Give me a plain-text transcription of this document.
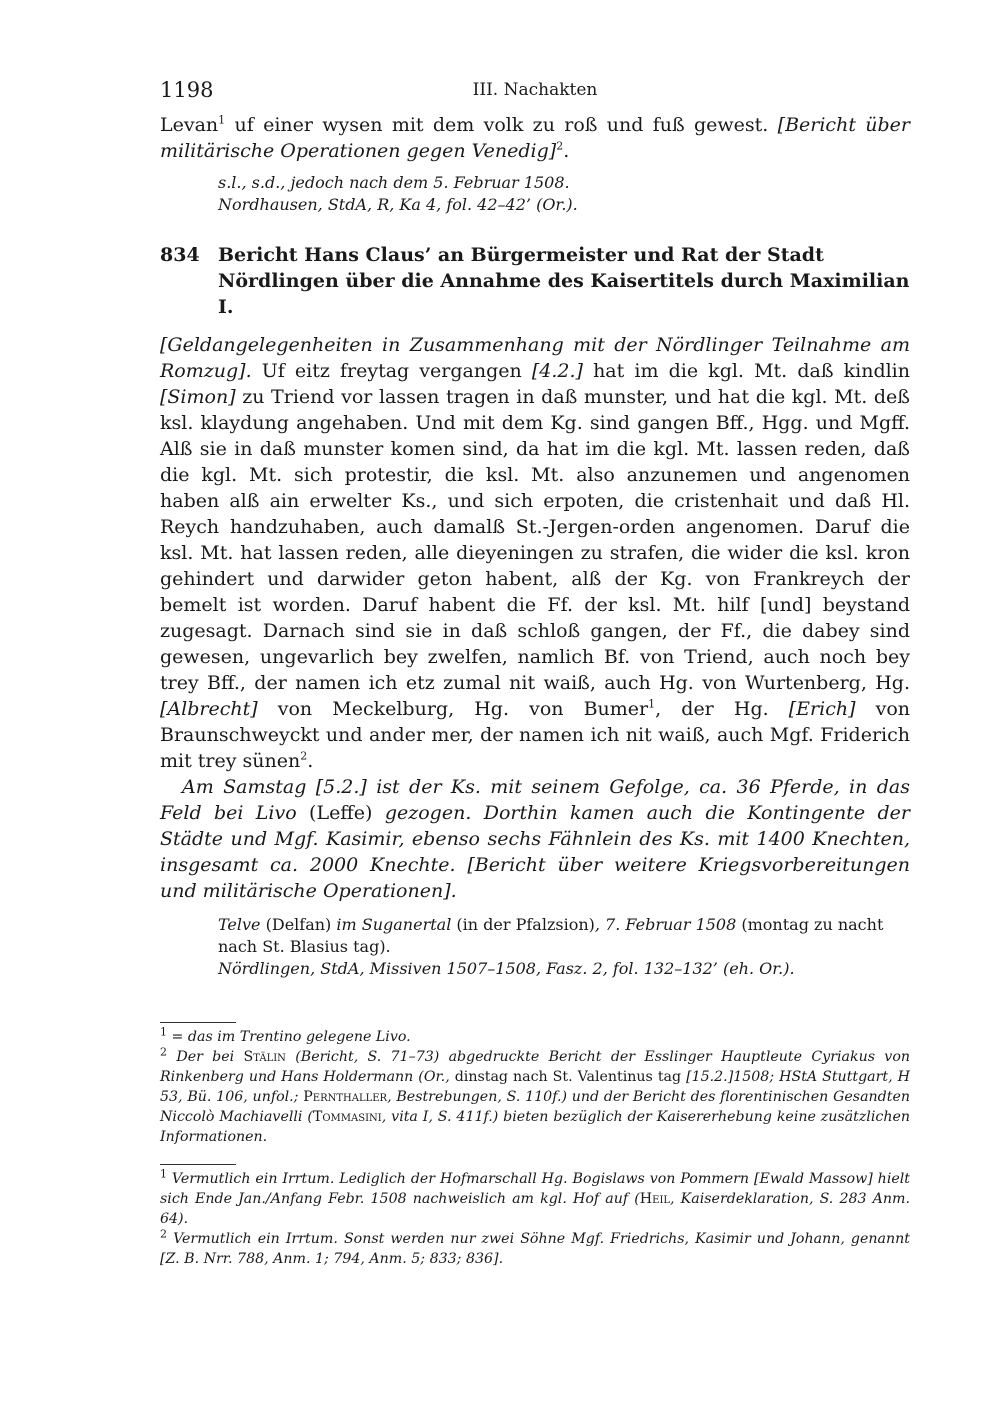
1198	III. Nachakten

Levan$^1$ uf einer wysen mit dem volk zu roß und fuß gewest. [Bericht über militärische Operationen gegen Venedig]$^2$.

s.l., s.d., jedoch nach dem 5. Februar 1508.
Nordhausen, StdA, R, Ka 4, fol. 42–42’ (Or.).
834 Bericht Hans Claus’ an Bürgermeister und Rat der Stadt Nördlingen über die Annahme des Kaisertitels durch Maximilian I.

[Geldangelegenheiten in Zusammenhang mit der Nördlinger Teilnahme am Romzug]. Uf eitz freytag vergangen [4.2.] hat im die kgl. Mt. daß kindlin [Simon] zu Triend vor lassen tragen in daß munster, und hat die kgl. Mt. deß ksl. klaydung angehaben. Und mit dem Kg. sind gangen Bff., Hgg. und Mgff. Alß sie in daß munster komen sind, da hat im die kgl. Mt. lassen reden, daß die kgl. Mt. sich protestir, die ksl. Mt. also anzunemen und angenomen haben alß ain erwelter Ks., und sich erpoten, die cristenhait und daß Hl. Reych handzuhaben, auch damalß St.-Jergen-orden angenomen. Daruf die ksl. Mt. hat lassen reden, alle dieyeningen zu strafen, die wider die ksl. kron gehindert und darwider geton habent, alß der Kg. von Frankreych der bemelt ist worden. Daruf habent die Ff. der ksl. Mt. hilf [und] beystand zugesagt. Darnach sind sie in daß schloß gangen, der Ff., die dabey sind gewesen, ungevarlich bey zwelfen, namlich Bf. von Triend, auch noch bey trey Bff., der namen ich etz zumal nit waiß, auch Hg. von Wurtenberg, Hg. [Albrecht] von Meckelburg, Hg. von Bumer$^1$, der Hg. [Erich] von Braunschweyckt und ander mer, der namen ich nit waiß, auch Mgf. Friderich mit trey sünen$^2$.

Am Samstag [5.2.] ist der Ks. mit seinem Gefolge, ca. 36 Pferde, in das Feld bei Livo (Leffe) gezogen. Dorthin kamen auch die Kontingente der Städte und Mgf. Kasimir, ebenso sechs Fähnlein des Ks. mit 1400 Knechten, insgesamt ca. 2000 Knechte. [Bericht über weitere Kriegsvorbereitungen und militärische Operationen].

Telve (Delfan) im Suganertal (in der Pfalzsion), 7. Februar 1508 (montag zu nacht nach St. Blasius tag).
Nördlingen, StdA, Missiven 1507–1508, Fasz. 2, fol. 132–132’ (eh. Or.).

$^1$ = das im Trentino gelegene Livo.

$^2$ Der bei Stälin (Bericht, S. 71–73) abgedruckte Bericht der Esslinger Hauptleute Cyriakus von Rinkenberg und Hans Holdermann (Or., dinstag nach St. Valentinus tag [15.2.]1508; HStA Stuttgart, H 53, Bü. 106, unfol.; Pernthaller, Bestrebungen, S. 110f.) und der Bericht des florentinischen Gesandten Niccolò Machiavelli (Tommasini, vita I, S. 411f.) bieten bezüglich der Kaisererhebung keine zusätzlichen Informationen.

$^1$ Vermutlich ein Irrtum. Lediglich der Hofmarschall Hg. Bogislaws von Pommern [Ewald Massow] hielt sich Ende Jan./Anfang Febr. 1508 nachweislich am kgl. Hof auf (Heil, Kaiserdeklaration, S. 283 Anm. 64).

$^2$ Vermutlich ein Irrtum. Sonst werden nur zwei Söhne Mgf. Friedrichs, Kasimir und Johann, genannt [Z. B. Nrr. 788, Anm. 1; 794, Anm. 5; 833; 836].
